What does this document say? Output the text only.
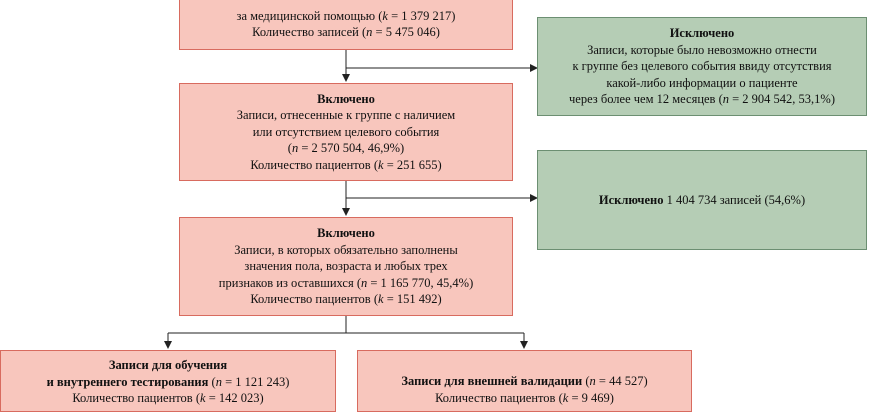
за медицинской помощью (k = 1 379 217)
Количество записей (n = 5 475 046)	Исключено
Записи, которые было невозможно отнести
к группе без целевого события ввиду отсутствия
какой-либо информации о пациенте
через более чем 12 месяцев (n = 2 904 542, 53,1%)
Включено
Записи, отнесенные к группе с наличием
или отсутствием целевого события
(n = 2 570 504, 46,9%)
Количество пациентов (k = 251 655)
Исключено 1 404 734 записей (54,6%)
Включено
Записи, в которых обязательно заполнены
значения пола, возраста и любых трех
признаков из оставшихся (n = 1 165 770, 45,4%)
Количество пациентов (k = 151 492)
Записи для обучения
и внутреннего тестирования (n = 1 121 243)
Количество пациентов (k = 142 023)
Записи для внешней валидации (n = 44 527)
Количество пациентов (k = 9 469)
